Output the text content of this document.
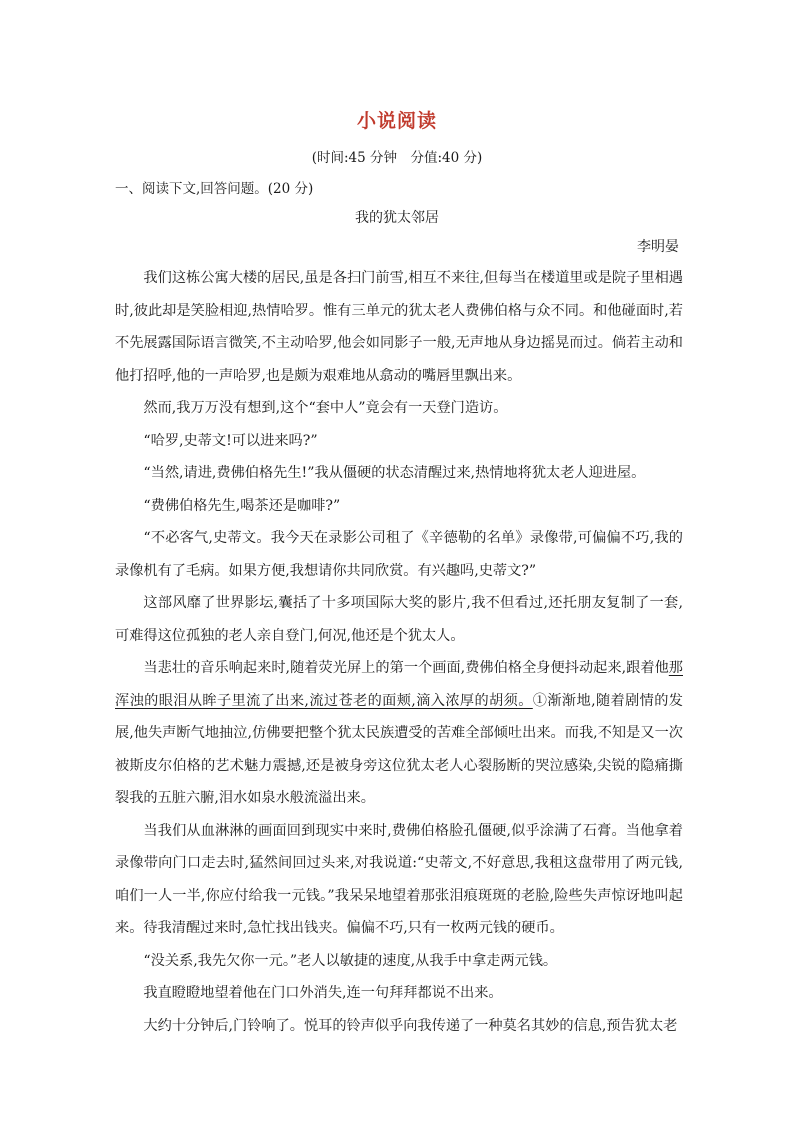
小说阅读
(时间:45 分钟　分值:40 分)
一、阅读下文,回答问题。(20 分)
我的犹太邻居
李明晏

我们这栋公寓大楼的居民,虽是各扫门前雪,相互不来往,但每当在楼道里或是院子里相遇时,彼此却是笑脸相迎,热情哈罗。惟有三单元的犹太老人费佛伯格与众不同。和他碰面时,若不先展露国际语言微笑,不主动哈罗,他会如同影子一般,无声地从身边摇晃而过。倘若主动和他打招呼,他的一声哈罗,也是颇为艰难地从翕动的嘴唇里飘出来。

然而,我万万没有想到,这个“套中人”竟会有一天登门造访。

“哈罗,史蒂文!可以进来吗?”

“当然,请进,费佛伯格先生!”我从僵硬的状态清醒过来,热情地将犹太老人迎进屋。

“费佛伯格先生,喝茶还是咖啡?”

“不必客气,史蒂文。我今天在录影公司租了《辛德勒的名单》录像带,可偏偏不巧,我的录像机有了毛病。如果方便,我想请你共同欣赏。有兴趣吗,史蒂文?”

这部风靡了世界影坛,囊括了十多项国际大奖的影片,我不但看过,还托朋友复制了一套,可难得这位孤独的老人亲自登门,何况,他还是个犹太人。

当悲壮的音乐响起来时,随着荧光屏上的第一个画面,费佛伯格全身便抖动起来,跟着他那浑浊的眼泪从眸子里流了出来,流过苍老的面颊,滴入浓厚的胡须。①渐渐地,随着剧情的发展,他失声断气地抽泣,仿佛要把整个犹太民族遭受的苦难全部倾吐出来。而我,不知是又一次被斯皮尔伯格的艺术魅力震撼,还是被身旁这位犹太老人心裂肠断的哭泣感染,尖锐的隐痛撕裂我的五脏六腑,泪水如泉水般流溢出来。

当我们从血淋淋的画面回到现实中来时,费佛伯格脸孔僵硬,似乎涂满了石膏。当他拿着录像带向门口走去时,猛然间回过头来,对我说道:“史蒂文,不好意思,我租这盘带用了两元钱,咱们一人一半,你应付给我一元钱。”我呆呆地望着那张泪痕斑斑的老脸,险些失声惊讶地叫起来。待我清醒过来时,急忙找出钱夹。偏偏不巧,只有一枚两元钱的硬币。

“没关系,我先欠你一元。”老人以敏捷的速度,从我手中拿走两元钱。

我直瞪瞪地望着他在门口外消失,连一句拜拜都说不出来。

大约十分钟后,门铃响了。悦耳的铃声似乎向我传递了一种莫名其妙的信息,预告犹太老
